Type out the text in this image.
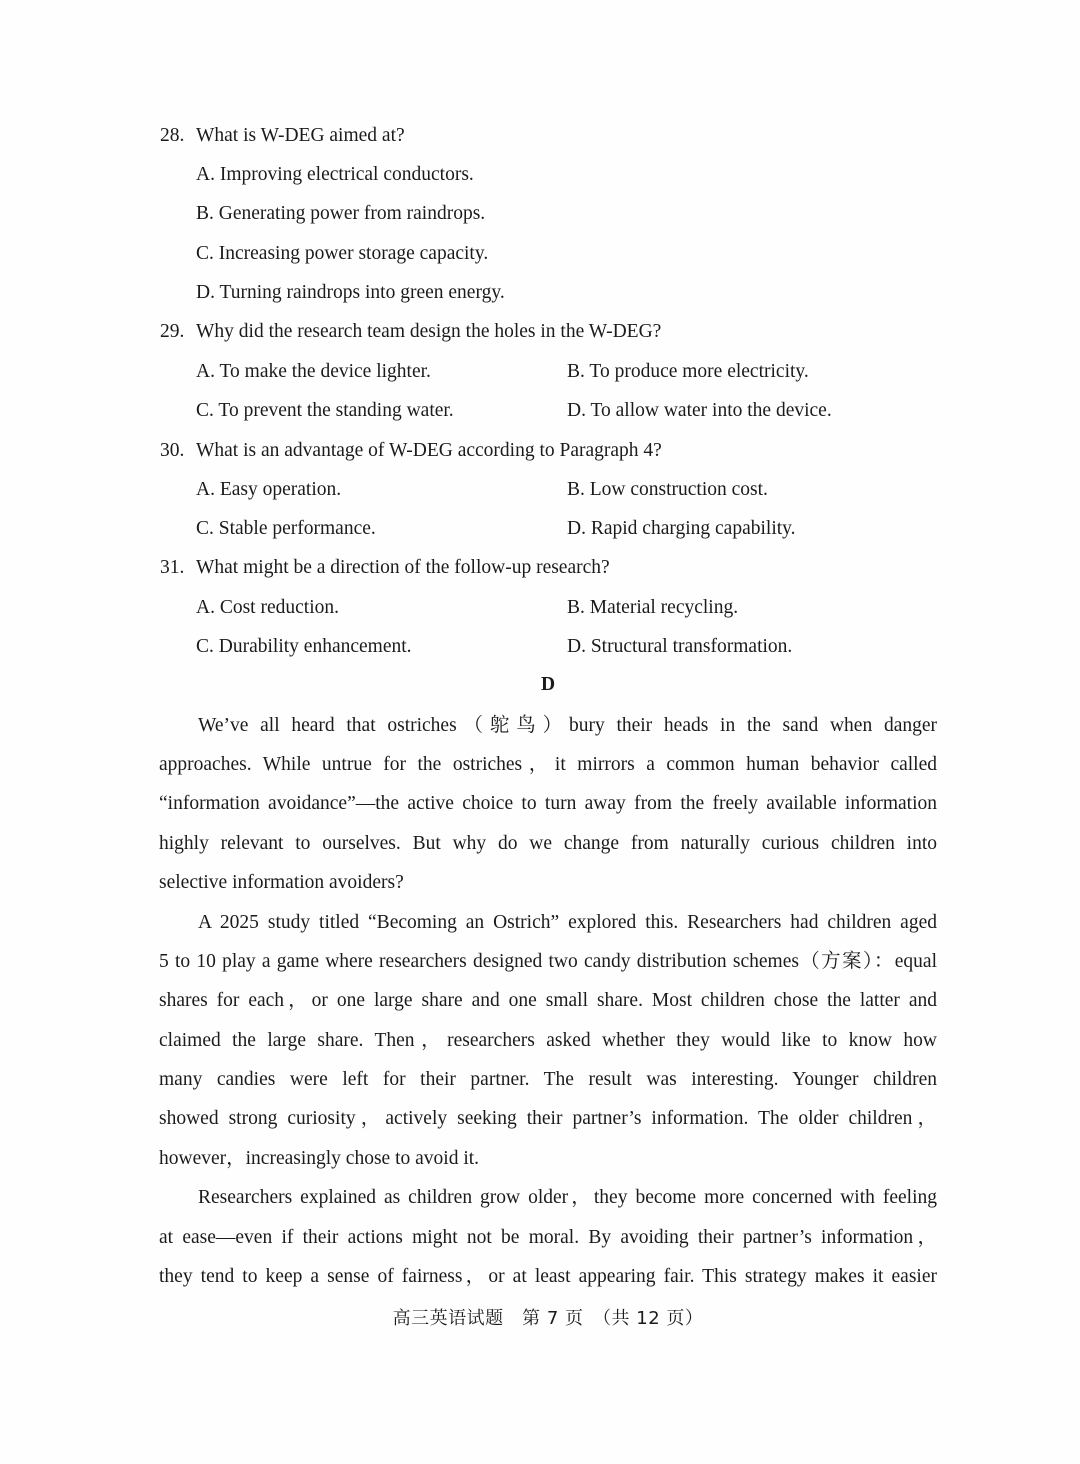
28. What is W-DEG aimed at?
A. Improving electrical conductors.
B. Generating power from raindrops.
C. Increasing power storage capacity.
D. Turning raindrops into green energy.
29. Why did the research team design the holes in the W-DEG?
A. To make the device lighter.	B. To produce more electricity.
C. To prevent the standing water.	D. To allow water into the device.
30. What is an advantage of W-DEG according to Paragraph 4?
A. Easy operation.	B. Low construction cost.
C. Stable performance.	D. Rapid charging capability.
31. What might be a direction of the follow-up research?
A. Cost reduction.	B. Material recycling.
C. Durability enhancement.	D. Structural transformation.
D
We’ve all heard that ostriches（鸵鸟）bury their heads in the sand when danger
approaches. While untrue for the ostriches，it mirrors a common human behavior called
“information avoidance”—the active choice to turn away from the freely available information
highly relevant to ourselves. But why do we change from naturally curious children into
selective information avoiders?
A 2025 study titled “Becoming an Ostrich” explored this. Researchers had children aged
5 to 10 play a game where researchers designed two candy distribution schemes（方案）：equal
shares for each，or one large share and one small share. Most children chose the latter and
claimed the large share. Then，researchers asked whether they would like to know how
many candies were left for their partner. The result was interesting. Younger children
showed strong curiosity，actively seeking their partner’s information. The older children，
however，increasingly chose to avoid it.
Researchers explained as children grow older，they become more concerned with feeling
at ease—even if their actions might not be moral. By avoiding their partner’s information，
they tend to keep a sense of fairness，or at least appearing fair. This strategy makes it easier
高三英语试题　第 7 页　（共 12 页）
